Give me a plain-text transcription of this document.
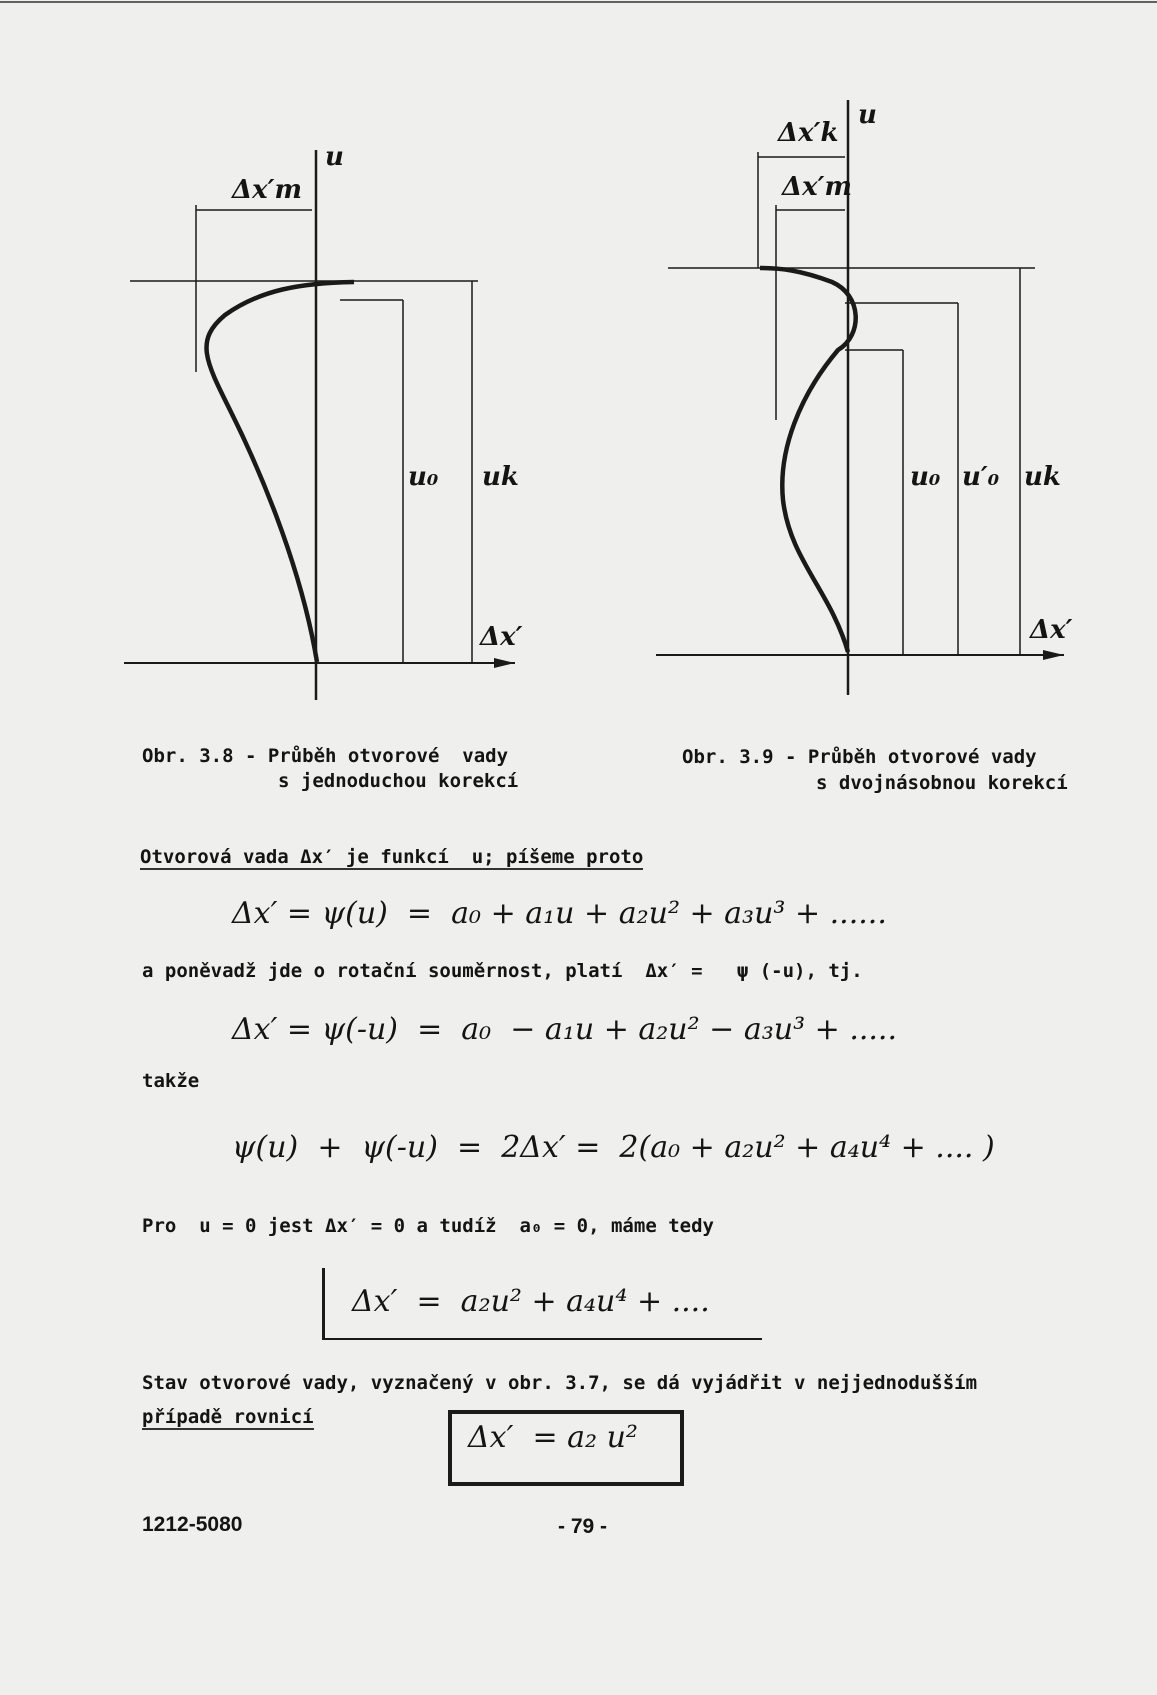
Δx′m
u
u₀ uk
Δx′
Δx′k
Δx′m
u
u₀ u′₀ uk
Δx′
Obr. 3.8 - Průběh otvorové  vady
s jednoduchou korekcí
Obr. 3.9 - Průběh otvorové vady
s dvojnásobnou korekcí
Otvorová vada Δx′ je funkcí  u; píšeme proto
Δx′ = ψ(u)  =  a₀ + a₁u + a₂u² + a₃u³ + ......
a poněvadž jde o rotační souměrnost, platí  Δx′ =   ψ (-u), tj.
Δx′ = ψ(-u)  =  a₀  − a₁u + a₂u² − a₃u³ + .....
takže
ψ(u)  +  ψ(-u)  =  2Δx′ =  2(a₀ + a₂u² + a₄u⁴ + .... )
Pro  u = 0 jest Δx′ = 0 a tudíž  a₀ = 0, máme tedy
Δx′  =  a₂u² + a₄u⁴ + ....
Stav otvorové vady, vyznačený v obr. 3.7, se dá vyjádřit v nejjednodušším
případě rovnicí
Δx′  = a₂ u²
1212-5080	- 79 -
